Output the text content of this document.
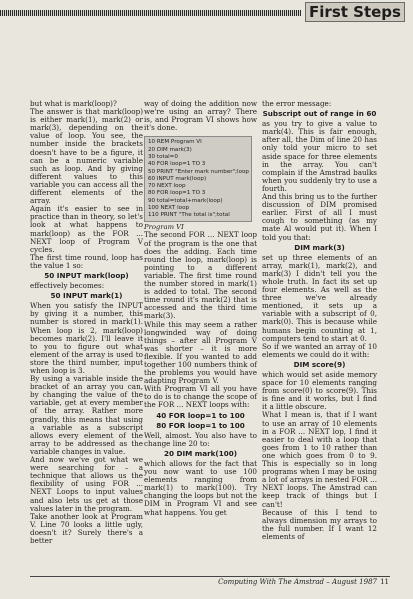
First Steps

but what is mark(loop)?

The answer is that mark(loop) is either mark(1), mark(2) or mark(3), depending on the value of loop. You see, the number inside the brackets doesn't have to be a figure, it can be a numeric variable such as loop. And by giving different values to this variable you can access all the different elements of the array.

Again it's easier to see in practice than in theory, so let's look at what happens to mark(loop) as the FOR ... NEXT loop of Program V cycles.

The first time round, loop has the value 1 so:

50 INPUT mark(loop)

effectively becomes:

50 INPUT mark(1)

When you satisfy the INPUT by giving it a number, this number is stored in mark(1). When loop is 2, mark(loop) becomes mark(2). I'll leave it to you to figure out what element of the array is used to store the third number, input when loop is 3.

By using a variable inside the bracket of an array you can, by changing the value of the variable, get at every member of the array. Rather more grandly, this means that using a variable as a subscript allows every element of the array to be addressed as the variable changes in value.

And now we've got what we were searching for – a technique that allows us the flexibility of using FOR ... NEXT Loops to input values and also lets us get at those values later in the program.

Take another look at Program V. Line 70 looks a little ugly, doesn't it? Surely there's a better

way of doing the addition now we're using an array? There is, and Program VI shows how it's done.

10 REM Program VI
20 DIM mark(3)
30 total=0
40 FOR loop=1 TO 3
50 PRINT "Enter mark number";loop
60 INPUT mark(loop)
70 NEXT loop
80 FOR loop=1 TO 3
90 total=total+mark(loop)
100 NEXT loop
110 PRINT "The total is";total

Program VI

The second FOR ... NEXT loop of the program is the one that does the adding. Each time round the loop, mark(loop) is pointing to a different variable. The first time round the number stored in mark(1) is added to total. The second time round it's mark(2) that is accessed and the third time mark(3).

While this may seem a rather longwinded way of doing things – after all Program V was shorter – it is more flexible. If you wanted to add together 100 numbers think of the problems you would have adapting Program V.

With Program VI all you have to do is to change the scope of the FOR ... NEXT loops with:

40 FOR loop=1 to 100

80 FOR loop=1 to 100

Well, almost. You also have to change line 20 to:

20 DIM mark(100)

which allows for the fact that you now want to use 100 elements ranging from mark(1) to mark(100). Try changing the loops but not the DIM in Program VI and see what happens. You get

the error message:

Subscript out of range in 60

as you try to give a value to mark(4). This is fair enough, after all, the Dim of line 20 has only told your micro to set aside space for three elements in the array. You can't complain if the Amstrad baulks when you suddenly try to use a fourth.

And this bring us to the further discussion of DIM promised earlier. First of all I must cough to something (as my mate Al would put it). When I told you that:

DIM mark(3)

set up three elements of an array, mark(1), mark(2), and mark(3) I didn't tell you the whole truth. In fact its set up four elements. As well as the three we've already mentioned, it sets up a variable with a subscript of 0, mark(0). This is because while humans begin counting at 1, computers tend to start at 0.

So if we wanted an array of 10 elements we could do it with:

DIM score(9)

which would set aside memory space for 10 elements ranging from score(0) to score(9). This is fine and it works, but I find it a little obscure.

What I mean is, that if I want to use an array of 10 elements in a FOR ... NEXT lop, I find it easier to deal with a loop that goes from 1 to 10 rather than one which goes from 0 to 9. This is especially so in long programs when I may be using a lot of arrays in nested FOR ... NEXT loops. The Amstrad can keep track of things but I can't!

Because of this I tend to always dimension my arrays to the full number. If I want 12 elements of

Computing With The Amstrad – August 1987 11
